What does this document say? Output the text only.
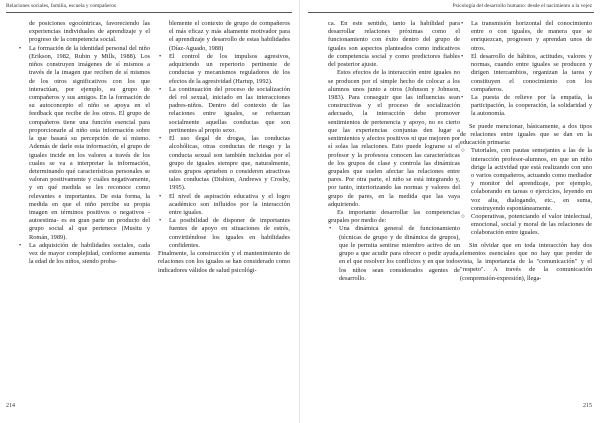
Relaciones sociales, familia, escuela y compañeros
de posiciones egocéntricas, favoreciendo las experiencias individuales de aprendizaje y el progreso de la competencia social.
• La formación de la identidad personal del niño (Erikson, 1982, Rubin y Mills, 1988). Los niños construyen imágenes de sí mismos a través de la imagen que reciben de sí mismos de los otros significativos con los que interactúan, por ejemplo, su grupo de compañeros y sus amigos. En la formación de su autoconcepto el niño se apoya en el feedback que recibe de los otros. El grupo de compañeros tiene una función esencial para proporcionarle al niño esta información sobre la que basará su percepción de sí mismo. Además de darle esta información, el grupo de iguales incide en los valores a través de los cuales se va a interpretar la información, determinando qué características personales se valoran positivamente y cuáles negativamente, y en qué medida se les reconoce como relevantes e importantes. De esta forma, la medida en que el niño percibe su propia imagen en términos positivos o negativos -autoestima- es en gran parte un producto del grupo social al que pertenece (Musitu y Román, 1989).
• La adquisición de habilidades sociales, cada vez de mayor complejidad, conforme aumenta la edad de los niños, siendo proba-
blemente el contexto de grupo de compañeros el más eficaz y más altamente motivador para el aprendizaje y desarrollo de estas habilidades (Díaz-Aguado, 1988)
• El control de los impulsos agresivos, adquiriendo un repertorio pertinente de conductas y mecanismos reguladores de los efectos de la agresividad (Hartup, 1992).
• La continuación del proceso de socialización del rol sexual, iniciado en las interacciones padres-niños. Dentro del contexto de las relaciones entre iguales, se refuerzan socialmente aquellas conductas que son pertinentes al propio sexo.
• El uso ilegal de drogas, las conductas alcohólicas, otras conductas de riesgo y la conducta sexual son también incluidas por el grupo de iguales siempre que, naturalmente, estos grupos aprueben o consideren atractivas tales conductas (Dishion, Andrews y Crosby, 1995).
• El nivel de aspiración educativa y el logro académico son influidos por la interacción entre iguales.
• La posibilidad de disponer de importantes fuentes de apoyo en situaciones de estrés, convirtiéndose los iguales en habilidades confidentes.

Finalmente, la construcción y el mantenimiento de relaciones con los iguales se han considerado como indicadores válidos de salud psicológi-

214
Psicología del desarrollo humano: desde el nacimiento a la vejez

ca. En este sentido, tanto la habilidad para desarrollar relaciones próximas como el funcionamiento con éxito dentro del grupo de iguales son aspectos planteados como indicativos de competencia social y como predictores fiables del posterior ajuste.

Estos efectos de la interacción entre iguales no se producen por el simple hecho de colocar a los alumnos unos junto a otros (Johnson y Johnson, 1983). Para conseguir que las influencias sean constructivas y el proceso de socialización adecuado, la interacción debe promover sentimientos de pertenencia y apoyo, no es cierto que las experiencias conjuntas den lugar a sentimientos y afectos positivos ni que mejoren por sí solas las relaciones. Esto puede lograrse si el profesor y la profesora conocen las características de los grupos de clase y controla las dinámicas grupales que suelen afectar las relaciones entre pares. Por otra parte, el niño se está integrando y, por tanto, interiorizando las normas y valores del grupo de pares, en la medida que las vaya adquiriendo.

Es importante desarrollar las competencias grupales por medio de:

• Una dinámica general de funcionamiento (técnicas de grupo y de dinámica de grupos), que le permita sentirse miembro activo de un grupo a que acudir para ofrecer o pedir ayuda, en el que resolver los conflictos y en que todos los niños sean considerados agentes de desarrollo.
• La transmisión horizontal del conocimiento entre o con iguales, de manera que se enriquezcan, progresen y aprendan unos de otros.
• El desarrollo de hábitos, actitudes, valores y normas, cuando entre iguales se producen y dirigen intercambios, organizan la tarea y constituyen el conocimiento con los compañeros.
• La puesta de relieve por la empatía, la participación, la cooperación, la solidaridad y la autonomía.

Se puede mencionar, básicamente, a dos tipos de relaciones entre iguales que se dan en la educación primaria:

○ Tutoriales, con pautas semejantes a las de la interacción profesor-alumnos, en que un niño dirige la actividad que está realizando con uno o varios compañeros, actuando como mediador y monitor del aprendizaje, por ejemplo, colaborando en tareas o ejercicios, leyendo en voz alta, dialogando, etc., en suma, construyendo espontáneamente.
○ Cooperativas, potenciando el valor intelectual, emocional, social y moral de las relaciones de colaboración entre iguales.

Sin olvidar que en toda interacción hay dos elementos esenciales que no hay que perder de vista, la importancia de la "comunicación" y el "respeto". A través de la comunicación (comprensión-expresión), llega-

215
